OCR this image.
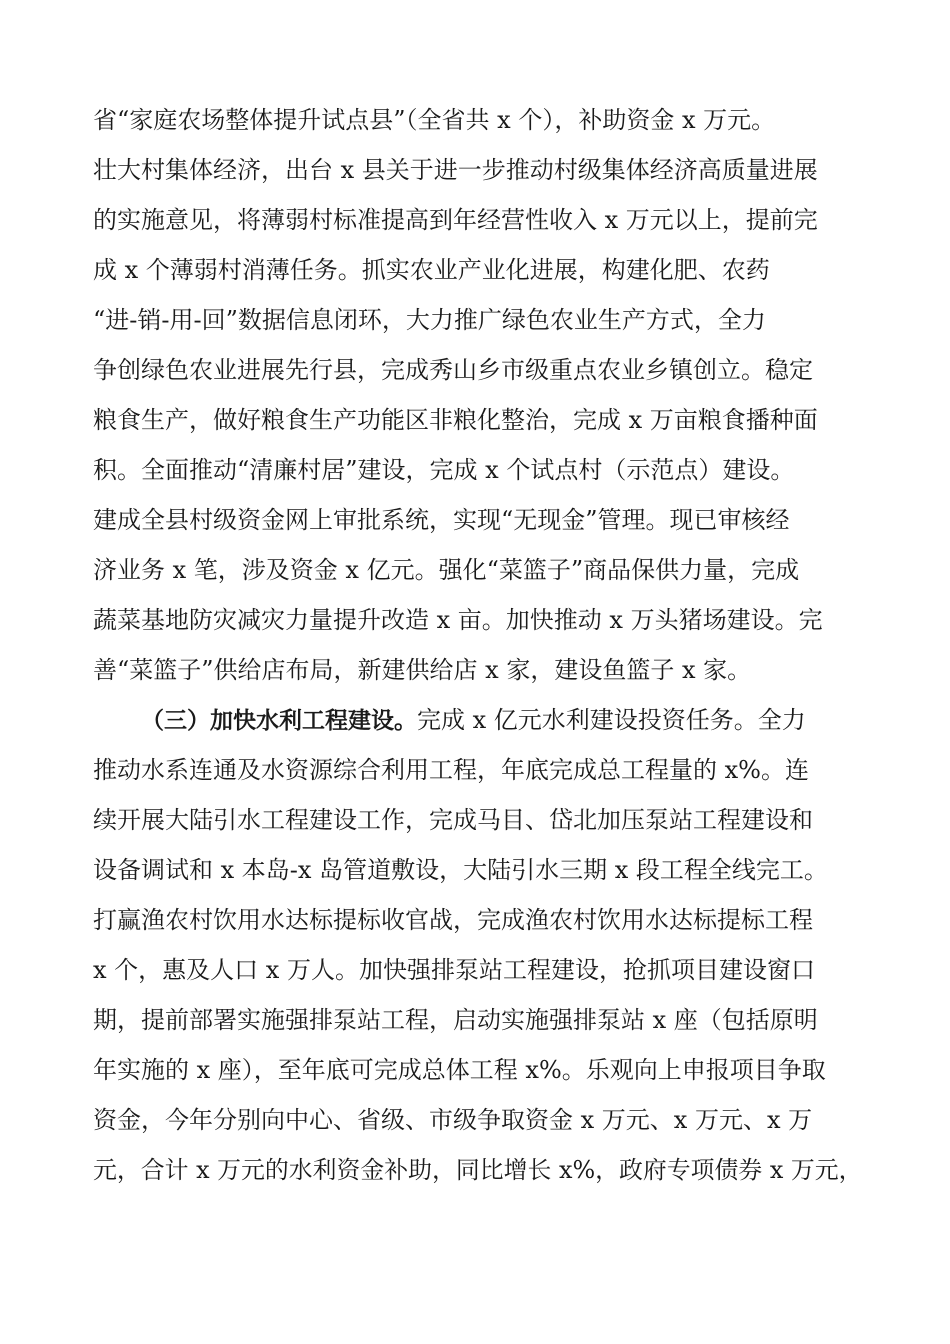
省“家庭农场整体提升试点县”（全省共 x 个），补助资金 x 万元。
壮大村集体经济，出台 x 县关于进一步推动村级集体经济高质量进展
的实施意见，将薄弱村标准提高到年经营性收入 x 万元以上，提前完
成 x 个薄弱村消薄任务。抓实农业产业化进展，构建化肥、农药
“进-销-用-回”数据信息闭环，大力推广绿色农业生产方式，全力
争创绿色农业进展先行县，完成秀山乡市级重点农业乡镇创立。稳定
粮食生产，做好粮食生产功能区非粮化整治，完成 x 万亩粮食播种面
积。全面推动“清廉村居”建设，完成 x 个试点村（示范点）建设。
建成全县村级资金网上审批系统，实现“无现金”管理。现已审核经
济业务 x 笔，涉及资金 x 亿元。强化“菜篮子”商品保供力量，完成
蔬菜基地防灾减灾力量提升改造 x 亩。加快推动 x 万头猪场建设。完
善“菜篮子”供给店布局，新建供给店 x 家，建设鱼篮子 x 家。
（三）加快水利工程建设。完成 x 亿元水利建设投资任务。全力
推动水系连通及水资源综合利用工程，年底完成总工程量的 x%。连
续开展大陆引水工程建设工作，完成马目、岱北加压泵站工程建设和
设备调试和 x 本岛-x 岛管道敷设，大陆引水三期 x 段工程全线完工。
打赢渔农村饮用水达标提标收官战，完成渔农村饮用水达标提标工程
x 个，惠及人口 x 万人。加快强排泵站工程建设，抢抓项目建设窗口
期，提前部署实施强排泵站工程，启动实施强排泵站 x 座（包括原明
年实施的 x 座），至年底可完成总体工程 x%。乐观向上申报项目争取
资金，今年分别向中心、省级、市级争取资金 x 万元、x 万元、x 万
元，合计 x 万元的水利资金补助，同比增长 x%，政府专项债券 x 万元，
